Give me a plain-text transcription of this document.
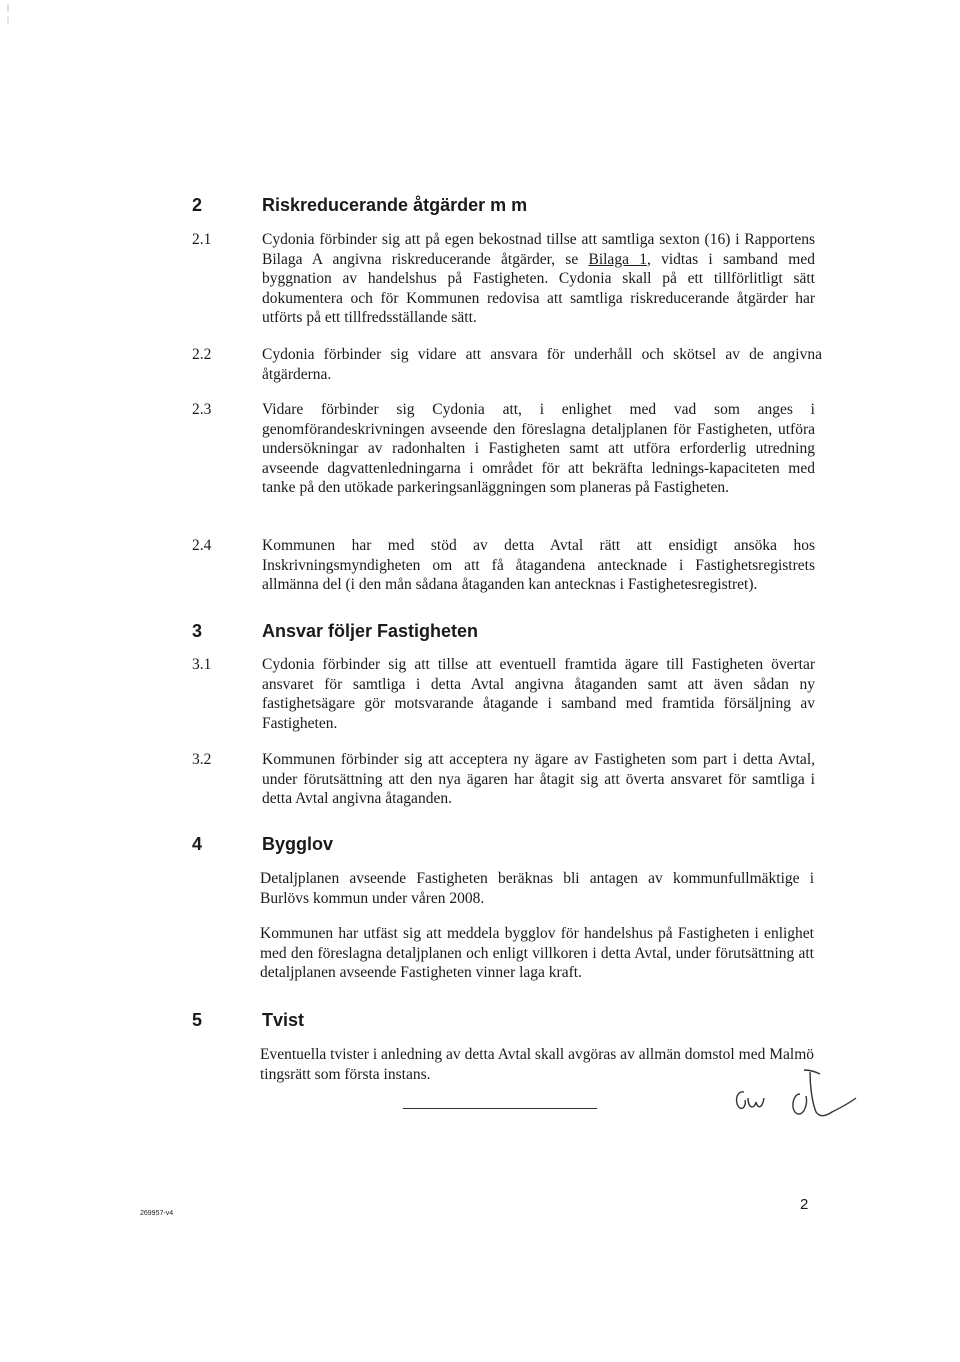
2	Riskreducerande åtgärder m m
2.1	Cydonia förbinder sig att på egen bekostnad tillse att samtliga sexton (16) i Rapportens Bilaga A angivna riskreducerande åtgärder, se Bilaga 1, vidtas i samband med byggnation av handelshus på Fastigheten. Cydonia skall på ett tillförlitligt sätt dokumentera och för Kommunen redovisa att samtliga riskreducerande åtgärder har utförts på ett tillfredsställande sätt.
2.2	Cydonia förbinder sig vidare att ansvara för underhåll och skötsel av de angivna åtgärderna.
2.3	Vidare förbinder sig Cydonia att, i enlighet med vad som anges i genomförandeskrivningen avseende den föreslagna detaljplanen för Fastigheten, utföra undersökningar av radonhalten i Fastigheten samt att utföra erforderlig utredning avseende dagvattenledningarna i området för att bekräfta lednings-kapaciteten med tanke på den utökade parkeringsanläggningen som planeras på Fastigheten.
2.4	Kommunen har med stöd av detta Avtal rätt att ensidigt ansöka hos Inskrivningsmyndigheten om att få åtagandena antecknade i Fastighetsregistrets allmänna del (i den mån sådana åtaganden kan antecknas i Fastighetesregistret).
3	Ansvar följer Fastigheten
3.1	Cydonia förbinder sig att tillse att eventuell framtida ägare till Fastigheten övertar ansvaret för samtliga i detta Avtal angivna åtaganden samt att även sådan ny fastighetsägare gör motsvarande åtagande i samband med framtida försäljning av Fastigheten.
3.2	Kommunen förbinder sig att acceptera ny ägare av Fastigheten som part i detta Avtal, under förutsättning att den nya ägaren har åtagit sig att överta ansvaret för samtliga i detta Avtal angivna åtaganden.
4	Bygglov
Detaljplanen avseende Fastigheten beräknas bli antagen av kommunfullmäktige i Burlövs kommun under våren 2008.
Kommunen har utfäst sig att meddela bygglov för handelshus på Fastigheten i enlighet med den föreslagna detaljplanen och enligt villkoren i detta Avtal, under förutsättning att detaljplanen avseende Fastigheten vinner laga kraft.
5	Tvist
Eventuella tvister i anledning av detta Avtal skall avgöras av allmän domstol med Malmö tingsrätt som första instans.
269957-v4
2
